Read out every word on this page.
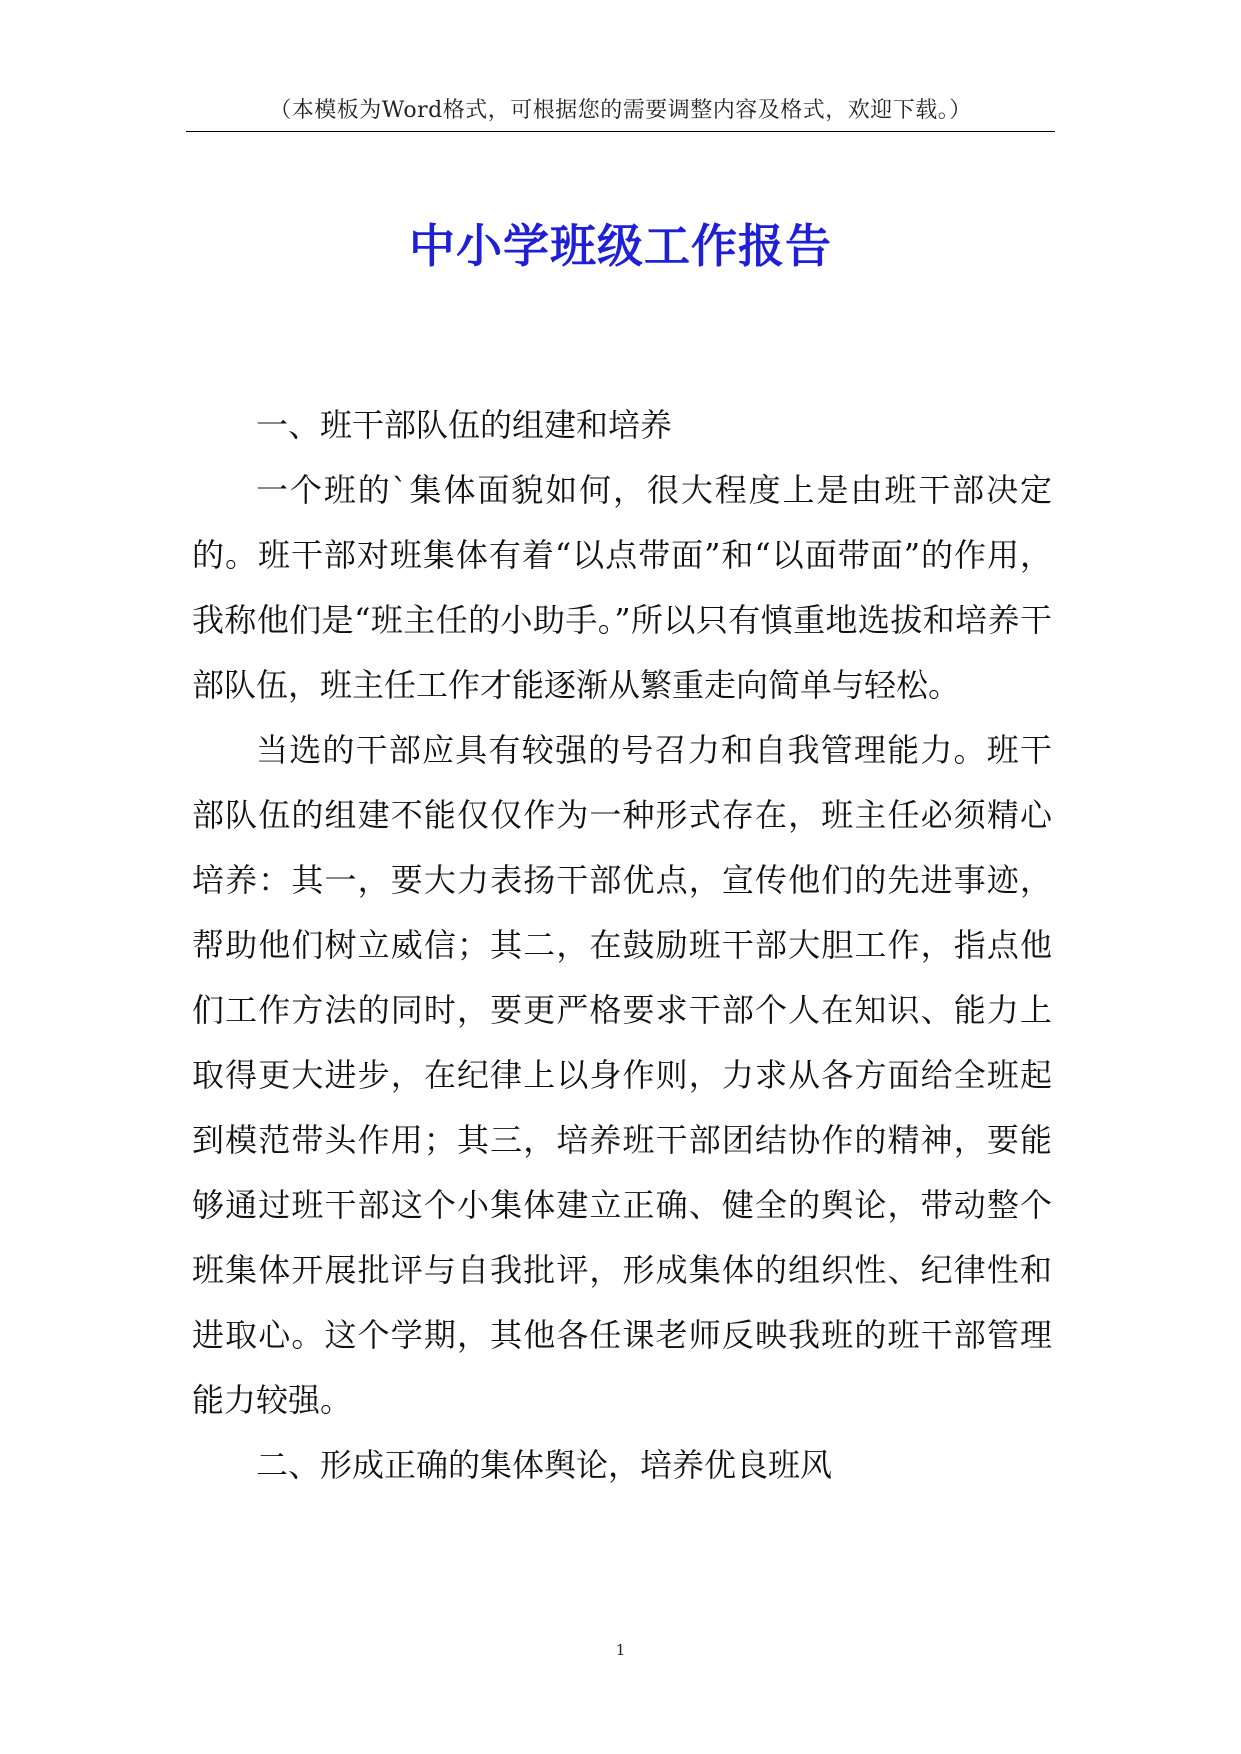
（本模板为Word格式，可根据您的需要调整内容及格式，欢迎下载。）
中小学班级工作报告

一、班干部队伍的组建和培养

一个班的`集体面貌如何，很大程度上是由班干部决定的。班干部对班集体有着“以点带面”和“以面带面”的作用，我称他们是“班主任的小助手。”所以只有慎重地选拔和培养干部队伍，班主任工作才能逐渐从繁重走向简单与轻松。

当选的干部应具有较强的号召力和自我管理能力。班干部队伍的组建不能仅仅作为一种形式存在，班主任必须精心培养：其一，要大力表扬干部优点，宣传他们的先进事迹，帮助他们树立威信；其二，在鼓励班干部大胆工作，指点他们工作方法的同时，要更严格要求干部个人在知识、能力上取得更大进步，在纪律上以身作则，力求从各方面给全班起到模范带头作用；其三，培养班干部团结协作的精神，要能够通过班干部这个小集体建立正确、健全的舆论，带动整个班集体开展批评与自我批评，形成集体的组织性、纪律性和进取心。这个学期，其他各任课老师反映我班的班干部管理能力较强。

二、形成正确的集体舆论，培养优良班风

1
